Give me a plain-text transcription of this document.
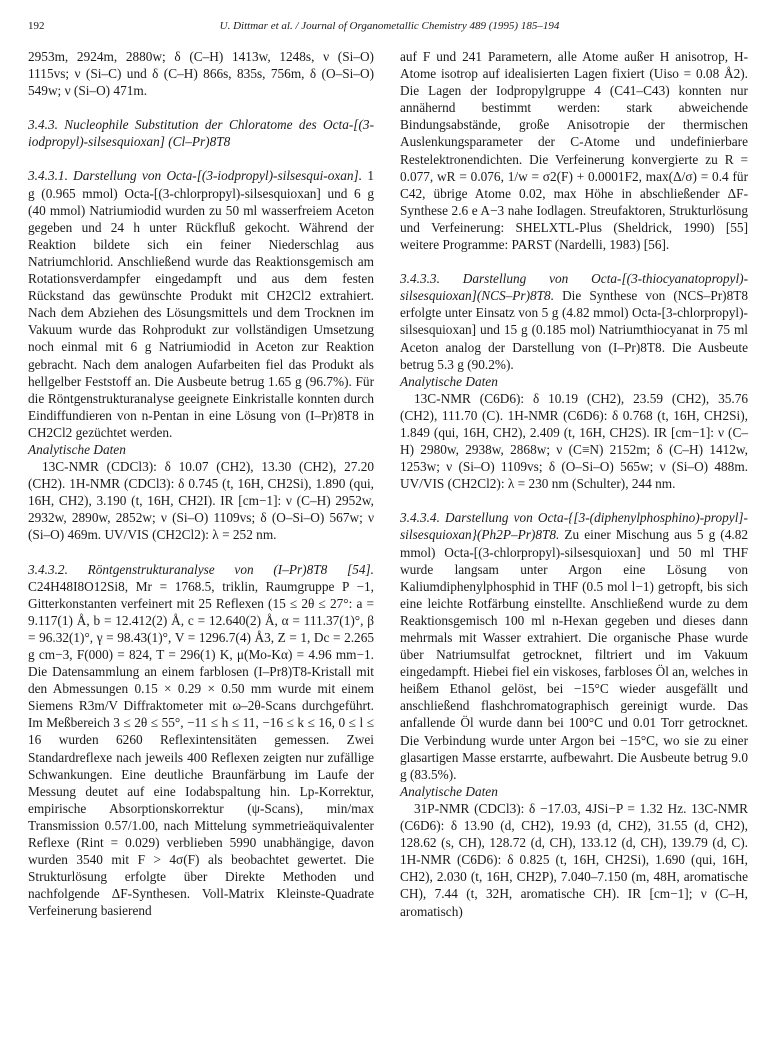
192	U. Dittmar et al. / Journal of Organometallic Chemistry 489 (1995) 185–194

2953m, 2924m, 2880w; δ (C–H) 1413w, 1248s, ν (Si–O) 1115vs; ν (Si–C) und δ (C–H) 866s, 835s, 756m, δ (O–Si–O) 549w; ν (Si–O) 471m.

3.4.3. Nucleophile Substitution der Chloratome des Octa-[(3-iodpropyl)-silsesquioxan] (Cl–Pr)8T8

3.4.3.1. Darstellung von Octa-[(3-iodpropyl)-silsesqui-oxan]. 1 g (0.965 mmol) Octa-[(3-chlorpropyl)-silsesquioxan] und 6 g (40 mmol) Natriumiodid wurden zu 50 ml wasserfreiem Aceton gegeben und 24 h unter Rückfluß gekocht. Während der Reaktion bildete sich ein feiner Niederschlag aus Natriumchlorid. Anschließend wurde das Reaktionsgemisch am Rotationsverdampfer eingedampft und aus dem festen Rückstand das gewünschte Produkt mit CH2Cl2 extrahiert. Nach dem Abziehen des Lösungsmittels und dem Trocknen im Vakuum wurde das Rohprodukt zur vollständigen Umsetzung noch einmal mit 6 g Natriumiodid in Aceton zur Reaktion gebracht. Nach dem analogen Aufarbeiten fiel das Produkt als hellgelber Feststoff an. Die Ausbeute betrug 1.65 g (96.7%). Für die Röntgenstrukturanalyse geeignete Einkristalle konnten durch Eindiffundieren von n-Pentan in eine Lösung von (I–Pr)8T8 in CH2Cl2 gezüchtet werden.

Analytische Daten

13C-NMR (CDCl3): δ 10.07 (CH2), 13.30 (CH2), 27.20 (CH2). 1H-NMR (CDCl3): δ 0.745 (t, 16H, CH2Si), 1.890 (qui, 16H, CH2), 3.190 (t, 16H, CH2I). IR [cm−1]: ν (C–H) 2952w, 2932w, 2890w, 2852w; ν (Si–O) 1109vs; δ (O–Si–O) 567w; ν (Si–O) 469m. UV/VIS (CH2Cl2): λ = 252 nm.

3.4.3.2. Röntgenstrukturanalyse von (I–Pr)8T8 [54]. C24H48I8O12Si8, Mr = 1768.5, triklin, Raumgruppe P −1, Gitterkonstanten verfeinert mit 25 Reflexen (15 ≤ 2θ ≤ 27°: a = 9.117(1) Å, b = 12.412(2) Å, c = 12.640(2) Å, α = 111.37(1)°, β = 96.32(1)°, γ = 98.43(1)°, V = 1296.7(4) Å3, Z = 1, Dc = 2.265 g cm−3, F(000) = 824, T = 296(1) K, μ(Mo-Kα) = 4.96 mm−1. Die Datensammlung an einem farblosen (I–Pr8)T8-Kristall mit den Abmessungen 0.15 × 0.29 × 0.50 mm wurde mit einem Siemens R3m/V Diffraktometer mit ω–2θ-Scans durchgeführt. Im Meßbereich 3 ≤ 2θ ≤ 55°, −11 ≤ h ≤ 11, −16 ≤ k ≤ 16, 0 ≤ l ≤ 16 wurden 6260 Reflexintensitäten gemessen. Zwei Standardreflexe nach jeweils 400 Reflexen zeigten nur zufällige Schwankungen. Eine deutliche Braunfärbung im Laufe der Messung deutet auf eine Iodabspaltung hin. Lp-Korrektur, empirische Absorptionskorrektur (ψ-Scans), min/max Transmission 0.57/1.00, nach Mittelung symmetrieäquivalenter Reflexe (Rint = 0.029) verblieben 5990 unabhängige, davon wurden 3540 mit F > 4σ(F) als beobachtet gewertet. Die Strukturlösung erfolgte über Direkte Methoden und nachfolgende ΔF-Synthesen. Voll-Matrix Kleinste-Quadrate Verfeinerung basierend

auf F und 241 Parametern, alle Atome außer H anisotrop, H-Atome isotrop auf idealisierten Lagen fixiert (Uiso = 0.08 Å2). Die Lagen der Iodpropylgruppe 4 (C41–C43) konnten nur annähernd bestimmt werden: stark abweichende Bindungsabstände, große Anisotropie der thermischen Auslenkungsparameter der C-Atome und undefinierbare Restelektronendichten. Die Verfeinerung konvergierte zu R = 0.077, wR = 0.076, 1/w = σ2(F) + 0.0001F2, max(Δ/σ) = 0.4 für C42, übrige Atome 0.02, max Höhe in abschließender ΔF-Synthese 2.6 e A−3 nahe Iodlagen. Streufaktoren, Strukturlösung und Verfeinerung: SHELXTL-Plus (Sheldrick, 1990) [55] weitere Programme: PARST (Nardelli, 1983) [56].

3.4.3.3. Darstellung von Octa-[(3-thiocyanatopropyl)-silsesquioxan](NCS–Pr)8T8. Die Synthese von (NCS–Pr)8T8 erfolgte unter Einsatz von 5 g (4.82 mmol) Octa-[3-chlorpropyl)-silsesquioxan] und 15 g (0.185 mol) Natriumthiocyanat in 75 ml Aceton analog der Darstellung von (I–Pr)8T8. Die Ausbeute betrug 5.3 g (90.2%).

Analytische Daten

13C-NMR (C6D6): δ 10.19 (CH2), 23.59 (CH2), 35.76 (CH2), 111.70 (C). 1H-NMR (C6D6): δ 0.768 (t, 16H, CH2Si), 1.849 (qui, 16H, CH2), 2.409 (t, 16H, CH2S). IR [cm−1]: ν (C–H) 2980w, 2938w, 2868w; ν (C≡N) 2152m; δ (C–H) 1412w, 1253w; ν (Si–O) 1109vs; δ (O–Si–O) 565w; ν (Si–O) 488m. UV/VIS (CH2Cl2): λ = 230 nm (Schulter), 244 nm.

3.4.3.4. Darstellung von Octa-{[3-(diphenylphosphino)-propyl]-silsesquioxan}(Ph2P–Pr)8T8. Zu einer Mischung aus 5 g (4.82 mmol) Octa-[(3-chlorpropyl)-silsesquioxan] und 50 ml THF wurde langsam unter Argon eine Lösung von Kaliumdiphenylphosphid in THF (0.5 mol l−1) getropft, bis sich eine leichte Rotfärbung einstellte. Anschließend wurde zu dem Reaktionsgemisch 100 ml n-Hexan gegeben und dieses dann mehrmals mit Wasser extrahiert. Die organische Phase wurde über Natriumsulfat getrocknet, filtriert und im Vakuum eingedampft. Hiebei fiel ein viskoses, farbloses Öl an, welches in heißem Ethanol gelöst, bei −15°C wieder ausgefällt und anschließend flashchromatographisch gereinigt wurde. Das anfallende Öl wurde dann bei 100°C und 0.01 Torr getrocknet. Die Verbindung wurde unter Argon bei −15°C, wo sie zu einer glasartigen Masse erstarrte, aufbewahrt. Die Ausbeute betrug 9.0 g (83.5%).

Analytische Daten

31P-NMR (CDCl3): δ −17.03, 4JSi−P = 1.32 Hz. 13C-NMR (C6D6): δ 13.90 (d, CH2), 19.93 (d, CH2), 31.55 (d, CH2), 128.62 (s, CH), 128.72 (d, CH), 133.12 (d, CH), 139.79 (d, C). 1H-NMR (C6D6): δ 0.825 (t, 16H, CH2Si), 1.690 (qui, 16H, CH2), 2.030 (t, 16H, CH2P), 7.040–7.150 (m, 48H, aromatische CH), 7.44 (t, 32H, aromatische CH). IR [cm−1]; ν (C–H, aromatisch)
